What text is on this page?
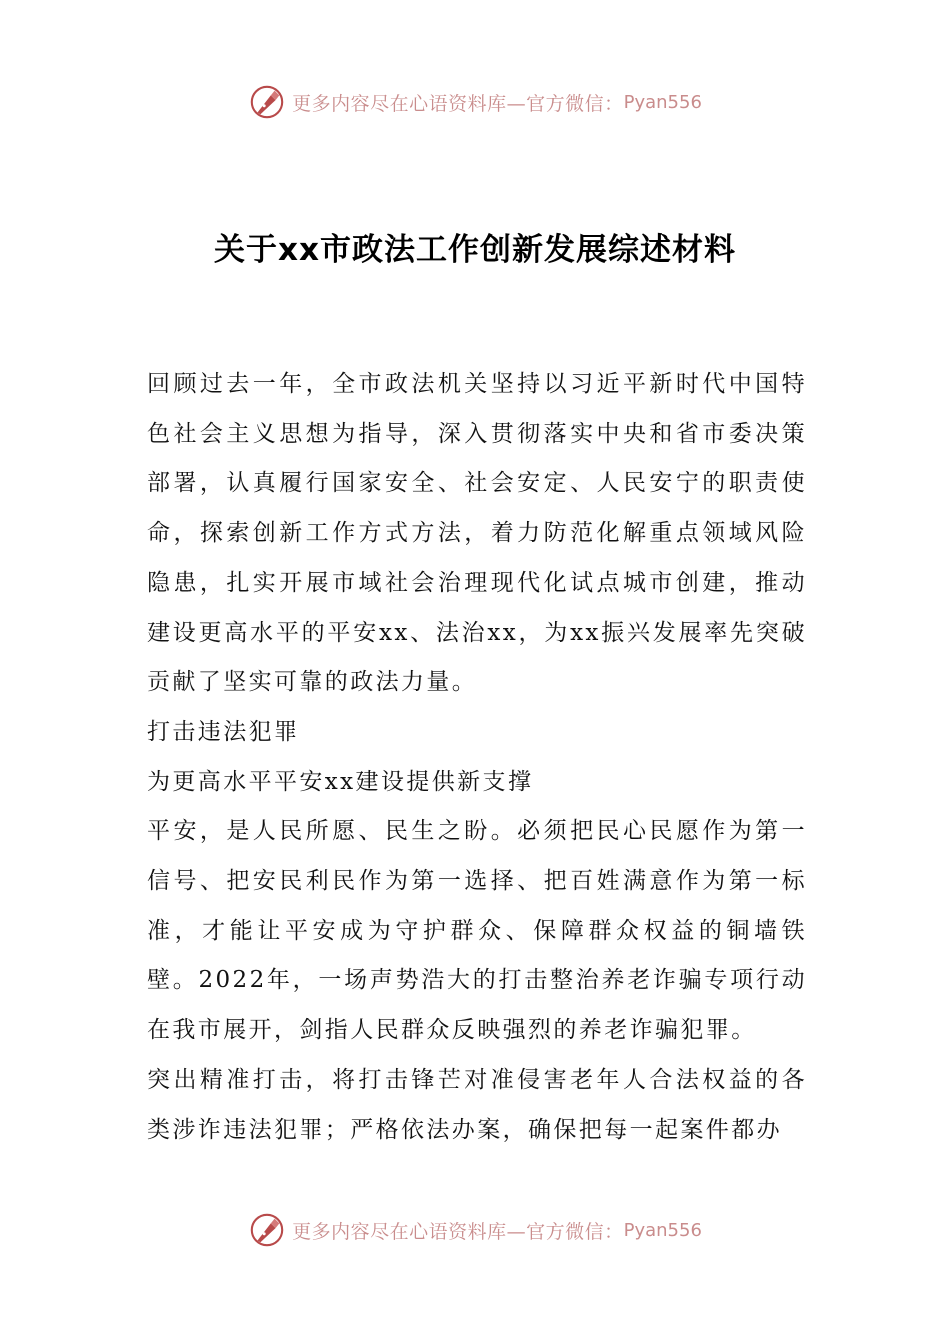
更多内容尽在心语资料库—官方微信： Pyan556
关于xx市政法工作创新发展综述材料

回顾过去一年，全市政法机关坚持以习近平新时代中国特色社会主义思想为指导，深入贯彻落实中央和省市委决策部署，认真履行国家安全、社会安定、人民安宁的职责使命，探索创新工作方式方法，着力防范化解重点领域风险隐患，扎实开展市域社会治理现代化试点城市创建，推动建设更高水平的平安xx、法治xx，为xx振兴发展率先突破贡献了坚实可靠的政法力量。

打击违法犯罪

为更高水平平安xx建设提供新支撑

平安，是人民所愿、民生之盼。必须把民心民愿作为第一信号、把安民利民作为第一选择、把百姓满意作为第一标准，才能让平安成为守护群众、保障群众权益的铜墙铁壁。2022年，一场声势浩大的打击整治养老诈骗专项行动在我市展开，剑指人民群众反映强烈的养老诈骗犯罪。

突出精准打击，将打击锋芒对准侵害老年人合法权益的各类涉诈违法犯罪；严格依法办案，确保把每一起案件都办

更多内容尽在心语资料库—官方微信： Pyan556
